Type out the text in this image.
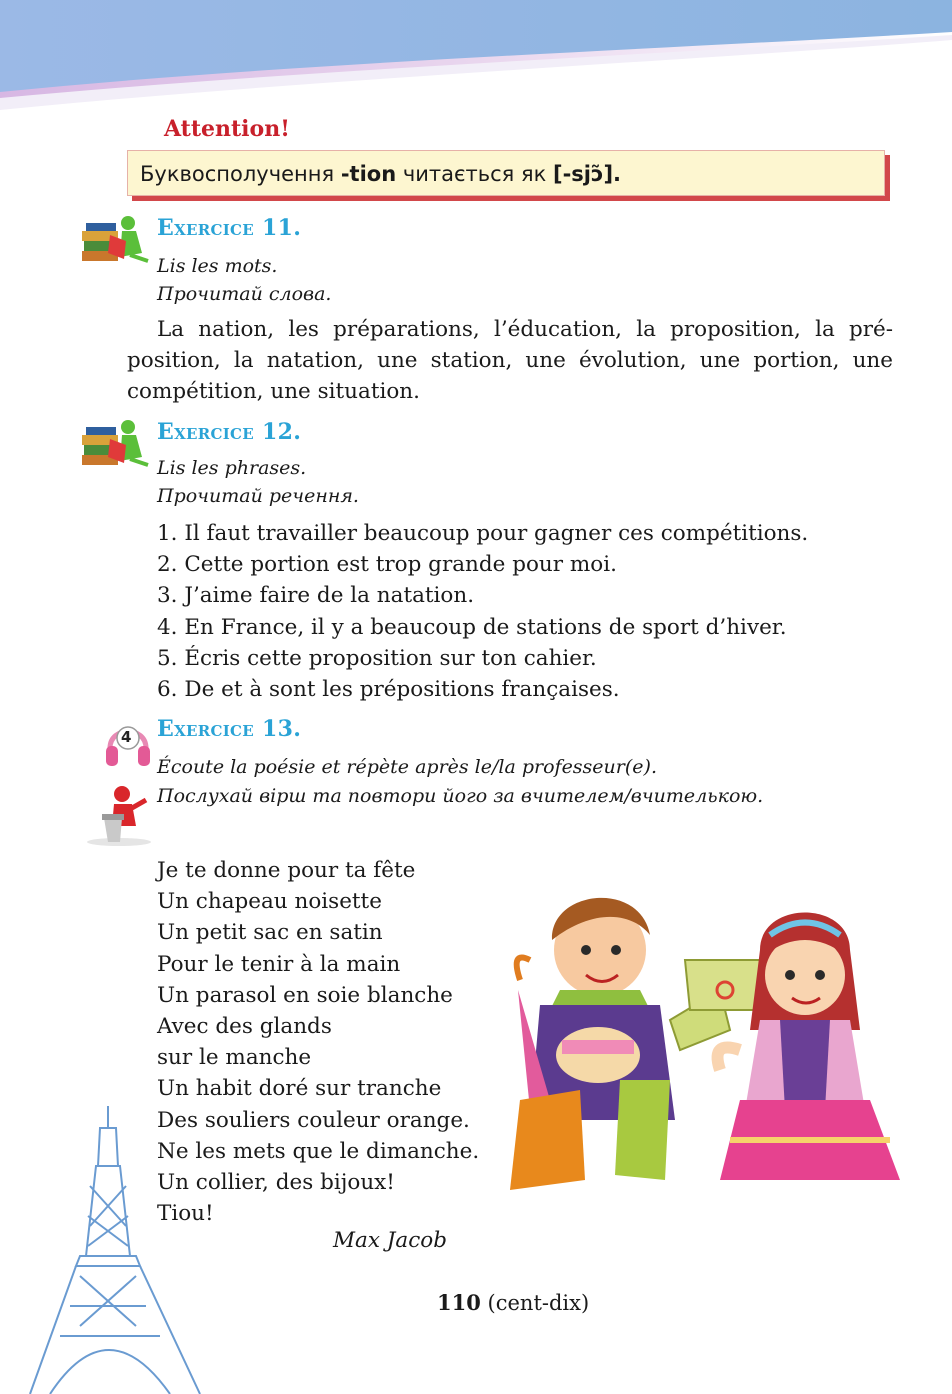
Attention!
Буквосполучення -tion читається як [-sjɔ̃].
Exercice 11.
Lis les mots.
Прочитай слова.
La nation, les préparations, l’éducation, la proposition, la préposition, la natation, une station, une évolution, une portion, une compétition, une situation.
Exercice 12.
Lis les phrases.
Прочитай речення.
1. Il faut travailler beaucoup pour gagner ces compétitions.
2. Cette portion est trop grande pour moi.
3. J’aime faire de la natation.
4. En France, il y a beaucoup de stations de sport d’hiver.
5. Écris cette proposition sur ton cahier.
6. De et à sont les prépositions françaises.
4 Exercice 13.
Écoute la poésie et répète après le/la professeur(e).
Послухай вірш та повтори його за вчителем/вчителькою.
Je te donne pour ta fête
Un chapeau noisette
Un petit sac en satin
Pour le tenir à la main
Un parasol en soie blanche
Avec des glands
sur le manche
Un habit doré sur tranche
Des souliers couleur orange.
Ne les mets que le dimanche.
Un collier, des bijoux!
Tiou!
Max Jacob
110 (cent-dix)
